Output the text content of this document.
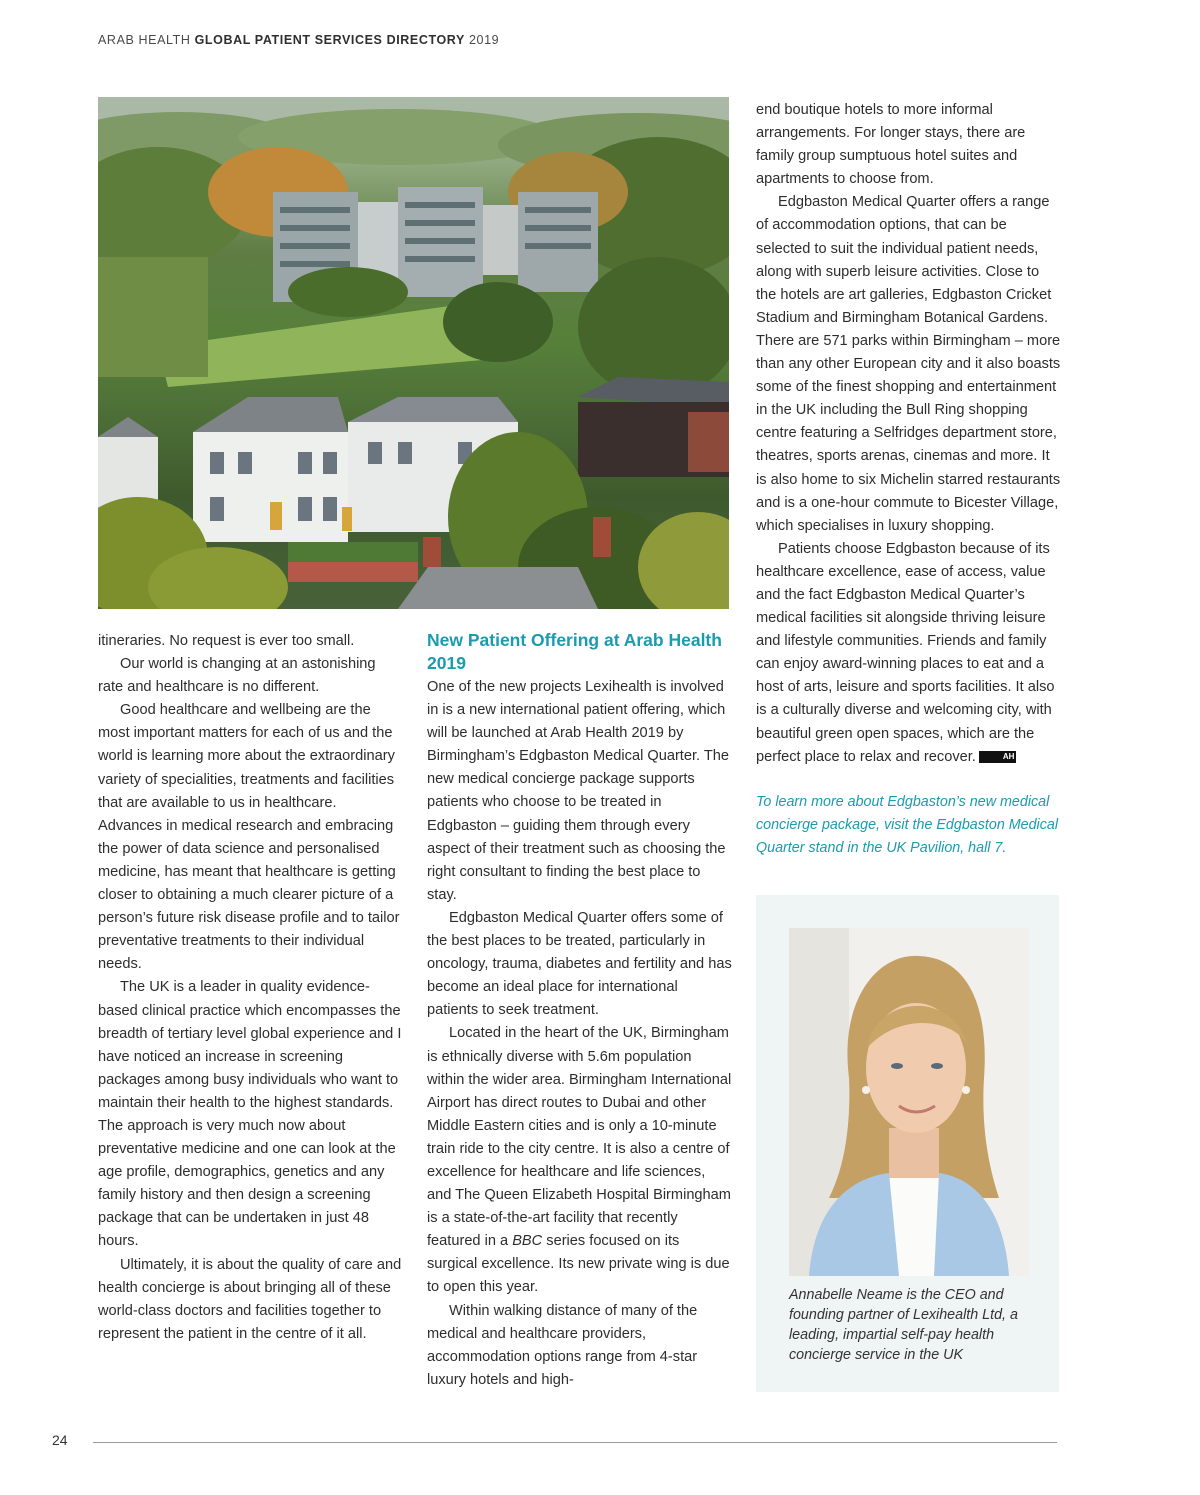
ARAB HEALTH GLOBAL PATIENT SERVICES DIRECTORY 2019

itineraries. No request is ever too small.

Our world is changing at an astonishing rate and healthcare is no different.

Good healthcare and wellbeing are the most important matters for each of us and the world is learning more about the extraordinary variety of specialities, treatments and facilities that are available to us in healthcare. Advances in medical research and embracing the power of data science and personalised medicine, has meant that healthcare is getting closer to obtaining a much clearer picture of a person’s future risk disease profile and to tailor preventative treatments to their individual needs.

The UK is a leader in quality evidence-based clinical practice which encompasses the breadth of tertiary level global experience and I have noticed an increase in screening packages among busy individuals who want to maintain their health to the highest standards. The approach is very much now about preventative medicine and one can look at the age profile, demographics, genetics and any family history and then design a screening package that can be undertaken in just 48 hours.

Ultimately, it is about the quality of care and health concierge is about bringing all of these world-class doctors and facilities together to represent the patient in the centre of it all.

New Patient Offering at Arab Health 2019

One of the new projects Lexihealth is involved in is a new international patient offering, which will be launched at Arab Health 2019 by Birmingham’s Edgbaston Medical Quarter. The new medical concierge package supports patients who choose to be treated in Edgbaston – guiding them through every aspect of their treatment such as choosing the right consultant to finding the best place to stay.

Edgbaston Medical Quarter offers some of the best places to be treated, particularly in oncology, trauma, diabetes and fertility and has become an ideal place for international patients to seek treatment.

Located in the heart of the UK, Birmingham is ethnically diverse with 5.6m population within the wider area. Birmingham International Airport has direct routes to Dubai and other Middle Eastern cities and is only a 10-minute train ride to the city centre. It is also a centre of excellence for healthcare and life sciences, and The Queen Elizabeth Hospital Birmingham is a state-of-the-art facility that recently featured in a BBC series focused on its surgical excellence. Its new private wing is due to open this year.

Within walking distance of many of the medical and healthcare providers, accommodation options range from 4-star luxury hotels and high-

end boutique hotels to more informal arrangements. For longer stays, there are family group sumptuous hotel suites and apartments to choose from.

Edgbaston Medical Quarter offers a range of accommodation options, that can be selected to suit the individual patient needs, along with superb leisure activities. Close to the hotels are art galleries, Edgbaston Cricket Stadium and Birmingham Botanical Gardens. There are 571 parks within Birmingham – more than any other European city and it also boasts some of the finest shopping and entertainment in the UK including the Bull Ring shopping centre featuring a Selfridges department store, theatres, sports arenas, cinemas and more. It is also home to six Michelin starred restaurants and is a one-hour commute to Bicester Village, which specialises in luxury shopping.

Patients choose Edgbaston because of its healthcare excellence, ease of access, value and the fact Edgbaston Medical Quarter’s medical facilities sit alongside thriving leisure and lifestyle communities. Friends and family can enjoy award-winning places to eat and a host of arts, leisure and sports facilities. It also is a culturally diverse and welcoming city, with beautiful green open spaces, which are the perfect place to relax and recover.	AH

To learn more about Edgbaston’s new medical concierge package, visit the Edgbaston Medical Quarter stand in the UK Pavilion, hall 7.

Annabelle Neame is the CEO and founding partner of Lexihealth Ltd, a leading, impartial self-pay health concierge service in the UK
24
